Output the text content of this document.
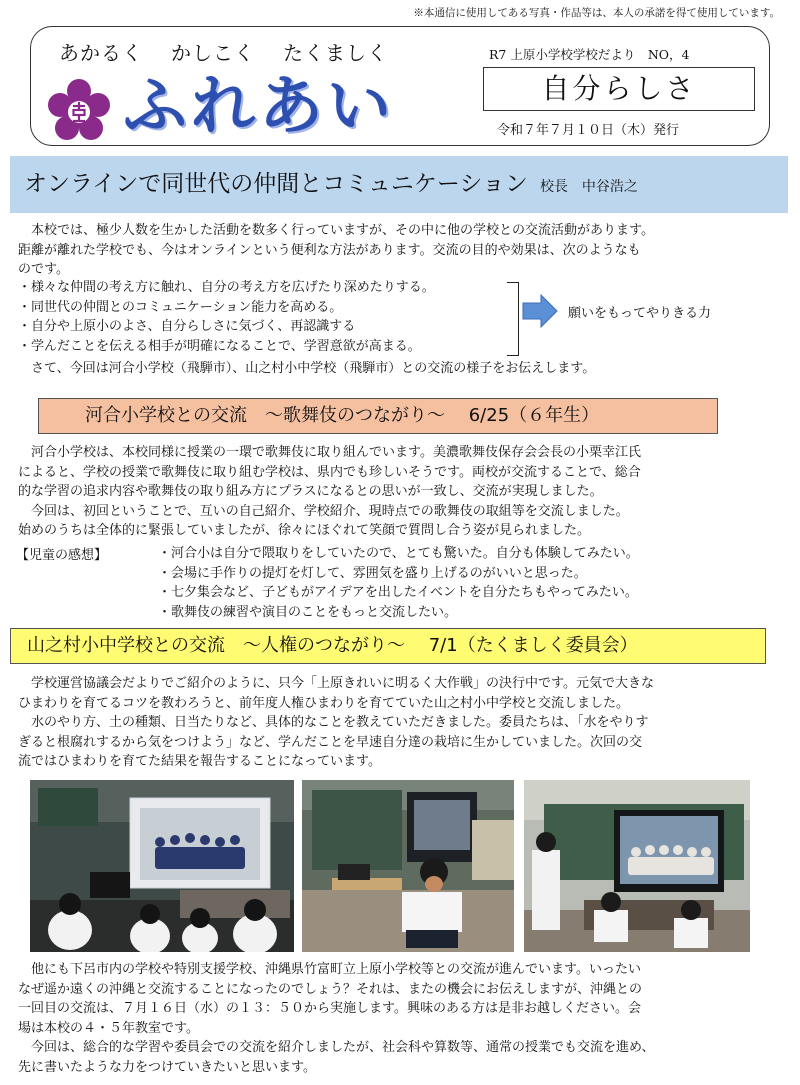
※本通信に使用してある写真・作品等は、本人の承諾を得て使用しています。
あかるく かしこく たくましく
ふれあい
R7 上原小学校学校だより　NO，4
自分らしさ
令和７年７月１０日（木）発行
オンラインで同世代の仲間とコミュニケーション 校長　中谷浩之
　本校では、極少人数を生かした活動を数多く行っていますが、その中に他の学校との交流活動があります。
距離が離れた学校でも、今はオンラインという便利な方法があります。交流の目的や効果は、次のようなも
のです。
・様々な仲間の考え方に触れ、自分の考え方を広げたり深めたりする。
・同世代の仲間とのコミュニケーション能力を高める。
・自分や上原小のよさ、自分らしさに気づく、再認識する
・学んだことを伝える相手が明確になることで、学習意欲が高まる。
願いをもってやりきる力
　さて、今回は河合小学校（飛騨市）、山之村小中学校（飛騨市）との交流の様子をお伝えします。
河合小学校との交流　～歌舞伎のつながり～　 6/25（６年生）
　河合小学校は、本校同様に授業の一環で歌舞伎に取り組んでいます。美濃歌舞伎保存会会長の小栗幸江氏
によると、学校の授業で歌舞伎に取り組む学校は、県内でも珍しいそうです。両校が交流することで、総合
的な学習の追求内容や歌舞伎の取り組み方にプラスになるとの思いが一致し、交流が実現しました。
　今回は、初回ということで、互いの自己紹介、学校紹介、現時点での歌舞伎の取組等を交流しました。
始めのうちは全体的に緊張していましたが、徐々にほぐれて笑顔で質問し合う姿が見られました。
【児童の感想】	・河合小は自分で隈取りをしていたので、とても驚いた。自分も体験してみたい。
・会場に手作りの提灯を灯して、雰囲気を盛り上げるのがいいと思った。
・七夕集会など、子どもがアイデアを出したイベントを自分たちもやってみたい。
・歌舞伎の練習や演目のことをもっと交流したい。
山之村小中学校との交流　～人権のつながり～　 7/1（たくましく委員会）
　学校運営協議会だよりでご紹介のように、只今「上原きれいに明るく大作戦」の決行中です。元気で大きな
ひまわりを育てるコツを教わろうと、前年度人権ひまわりを育てていた山之村小中学校と交流しました。
　水のやり方、土の種類、日当たりなど、具体的なことを教えていただきました。委員たちは、「水をやりす
ぎると根腐れするから気をつけよう」など、学んだことを早速自分達の栽培に生かしていました。次回の交
流ではひまわりを育てた結果を報告することになっています。
　他にも下呂市内の学校や特別支援学校、沖縄県竹富町立上原小学校等との交流が進んでいます。いったい
なぜ遥か遠くの沖縄と交流することになったのでしょう？それは、またの機会にお伝えしますが、沖縄との
一回目の交流は、７月１６日（水）の１３：５０から実施します。興味のある方は是非お越しください。会
場は本校の４・５年教室です。
　今回は、総合的な学習や委員会での交流を紹介しましたが、社会科や算数等、通常の授業でも交流を進め、
先に書いたような力をつけていきたいと思います。
